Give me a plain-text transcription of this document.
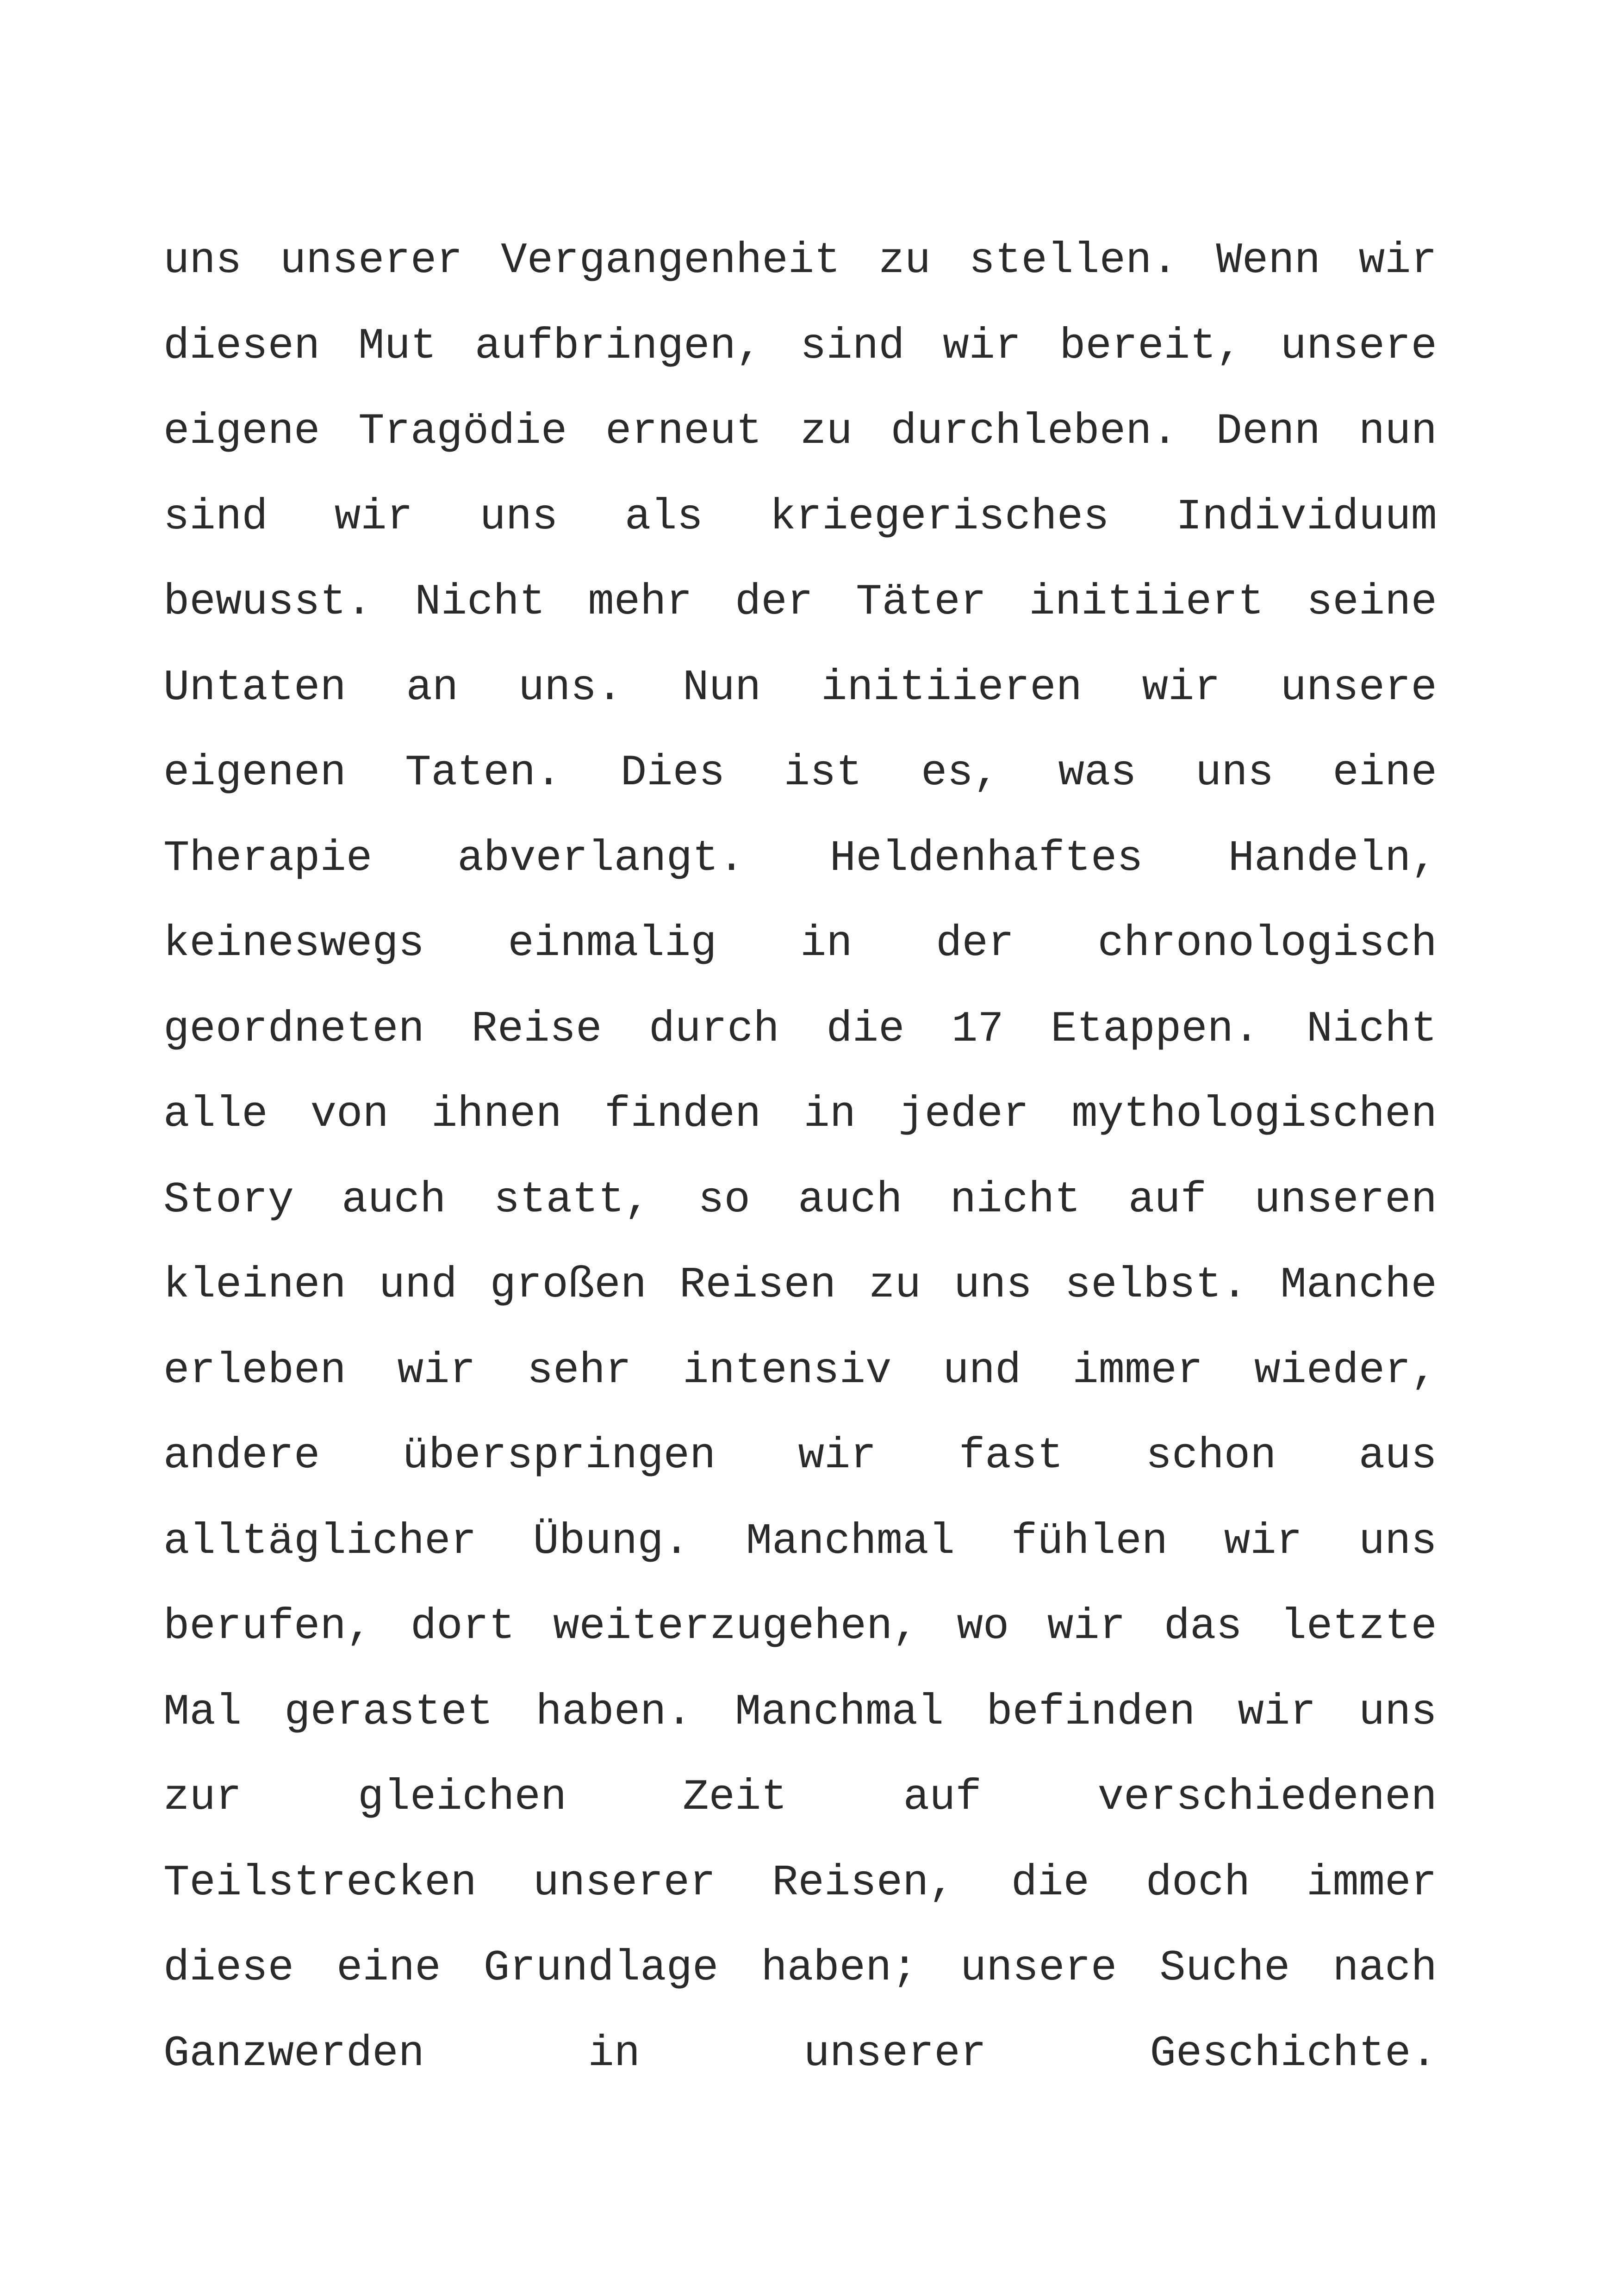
uns unserer Vergangenheit zu stellen. Wenn wir
diesen Mut aufbringen, sind wir bereit, unsere
eigene Tragödie erneut zu durchleben. Denn nun
sind wir uns als kriegerisches Individuum
bewusst. Nicht mehr der Täter initiiert seine
Untaten an uns. Nun initiieren wir unsere
eigenen Taten. Dies ist es, was uns eine
Therapie abverlangt. Heldenhaftes Handeln,
keineswegs einmalig in der chronologisch
geordneten Reise durch die 17 Etappen. Nicht
alle von ihnen finden in jeder mythologischen
Story auch statt, so auch nicht auf unseren
kleinen und großen Reisen zu uns selbst. Manche
erleben wir sehr intensiv und immer wieder,
andere überspringen wir fast schon aus
alltäglicher Übung. Manchmal fühlen wir uns
berufen, dort weiterzugehen, wo wir das letzte
Mal gerastet haben. Manchmal befinden wir uns
zur	gleichen	Zeit	auf	verschiedenen
Teilstrecken unserer Reisen, die doch immer
diese eine Grundlage haben; unsere Suche nach
Ganzwerden	in	unserer	Geschichte.
